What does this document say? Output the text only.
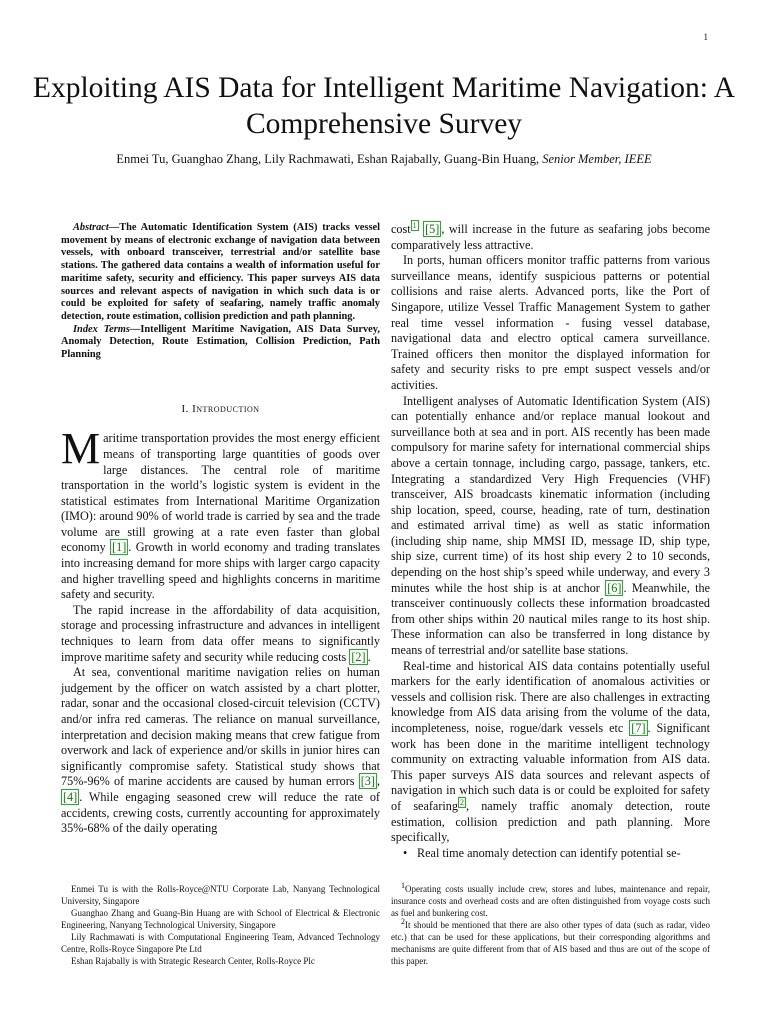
1
Exploiting AIS Data for Intelligent Maritime Navigation: A Comprehensive Survey
Enmei Tu, Guanghao Zhang, Lily Rachmawati, Eshan Rajabally, Guang-Bin Huang, Senior Member, IEEE

Abstract—The Automatic Identification System (AIS) tracks vessel movement by means of electronic exchange of navigation data between vessels, with onboard transceiver, terrestrial and/or satellite base stations. The gathered data contains a wealth of information useful for maritime safety, security and efficiency. This paper surveys AIS data sources and relevant aspects of navigation in which such data is or could be exploited for safety of seafaring, namely traffic anomaly detection, route estimation, collision prediction and path planning.

Index Terms—Intelligent Maritime Navigation, AIS Data Survey, Anomaly Detection, Route Estimation, Collision Prediction, Path Planning

I. Introduction

Maritime transportation provides the most energy efficient means of transporting large quantities of goods over large distances. The central role of maritime transportation in the world’s logistic system is evident in the statistical estimates from International Maritime Organization (IMO): around 90% of world trade is carried by sea and the trade volume are still growing at a rate even faster than global economy [1] . Growth in world economy and trading translates into increasing demand for more ships with larger cargo capacity and higher travelling speed and highlights concerns in maritime safety and security.

The rapid increase in the affordability of data acquisition, storage and processing infrastructure and advances in intelligent techniques to learn from data offer means to significantly improve maritime safety and security while reducing costs [2] .

At sea, conventional maritime navigation relies on human judgement by the officer on watch assisted by a chart plotter, radar, sonar and the occasional closed-circuit television (CCTV) and/or infra red cameras. The reliance on manual surveillance, interpretation and decision making means that crew fatigue from overwork and lack of experience and/or skills in junior hires can significantly compromise safety. Statistical study shows that 75%-96% of marine accidents are caused by human errors [3] , [4] . While engaging seasoned crew will reduce the rate of accidents, crewing costs, currently accounting for approximately 35%-68% of the daily operating

cost $^1$ [5] , will increase in the future as seafaring jobs become comparatively less attractive.

In ports, human officers monitor traffic patterns from various surveillance means, identify suspicious patterns or potential collisions and raise alerts. Advanced ports, like the Port of Singapore, utilize Vessel Traffic Management System to gather real time vessel information - fusing vessel database, navigational data and electro optical camera surveillance. Trained officers then monitor the displayed information for safety and security risks to pre empt suspect vessels and/or activities.

Intelligent analyses of Automatic Identification System (AIS) can potentially enhance and/or replace manual lookout and surveillance both at sea and in port. AIS recently has been made compulsory for marine safety for international commercial ships above a certain tonnage, including cargo, passage, tankers, etc. Integrating a standardized Very High Frequencies (VHF) transceiver, AIS broadcasts kinematic information (including ship location, speed, course, heading, rate of turn, destination and estimated arrival time) as well as static information (including ship name, ship MMSI ID, message ID, ship type, ship size, current time) of its host ship every 2 to 10 seconds, depending on the host ship’s speed while underway, and every 3 minutes while the host ship is at anchor [6] . Meanwhile, the transceiver continuously collects these information broadcasted from other ships within 20 nautical miles range to its host ship. These information can also be transferred in long distance by means of terrestrial and/or satellite base stations.

Real-time and historical AIS data contains potentially useful markers for the early identification of anomalous activities or vessels and collision risk. There are also challenges in extracting knowledge from AIS data arising from the volume of the data, incompleteness, noise, rogue/dark vessels etc [7] . Significant work has been done in the maritime intelligent technology community on extracting valuable information from AIS data. This paper surveys AIS data sources and relevant aspects of navigation in which such data is or could be exploited for safety of seafaring $^2$ , namely traffic anomaly detection, route estimation, collision prediction and path planning. More specifically,

• Real time anomaly detection can identify potential se-

Enmei Tu is with the Rolls-Royce@NTU Corporate Lab, Nanyang Technological University, Singapore

Guanghao Zhang and Guang-Bin Huang are with School of Electrical & Electronic Engineering, Nanyang Technological University, Singapore

Lily Rachmawati is with Computational Engineering Team, Advanced Technology Centre, Rolls-Royce Singapore Pte Ltd

Eshan Rajabally is with Strategic Research Center, Rolls-Royce Plc

1Operating costs usually include crew, stores and lubes, maintenance and repair, insurance costs and overhead costs and are often distinguished from voyage costs such as fuel and bunkering cost.

2It should be mentioned that there are also other types of data (such as radar, video etc.) that can be used for these applications, but their corresponding algorithms and mechanisms are quite different from that of AIS based and thus are out of the scope of this paper.
